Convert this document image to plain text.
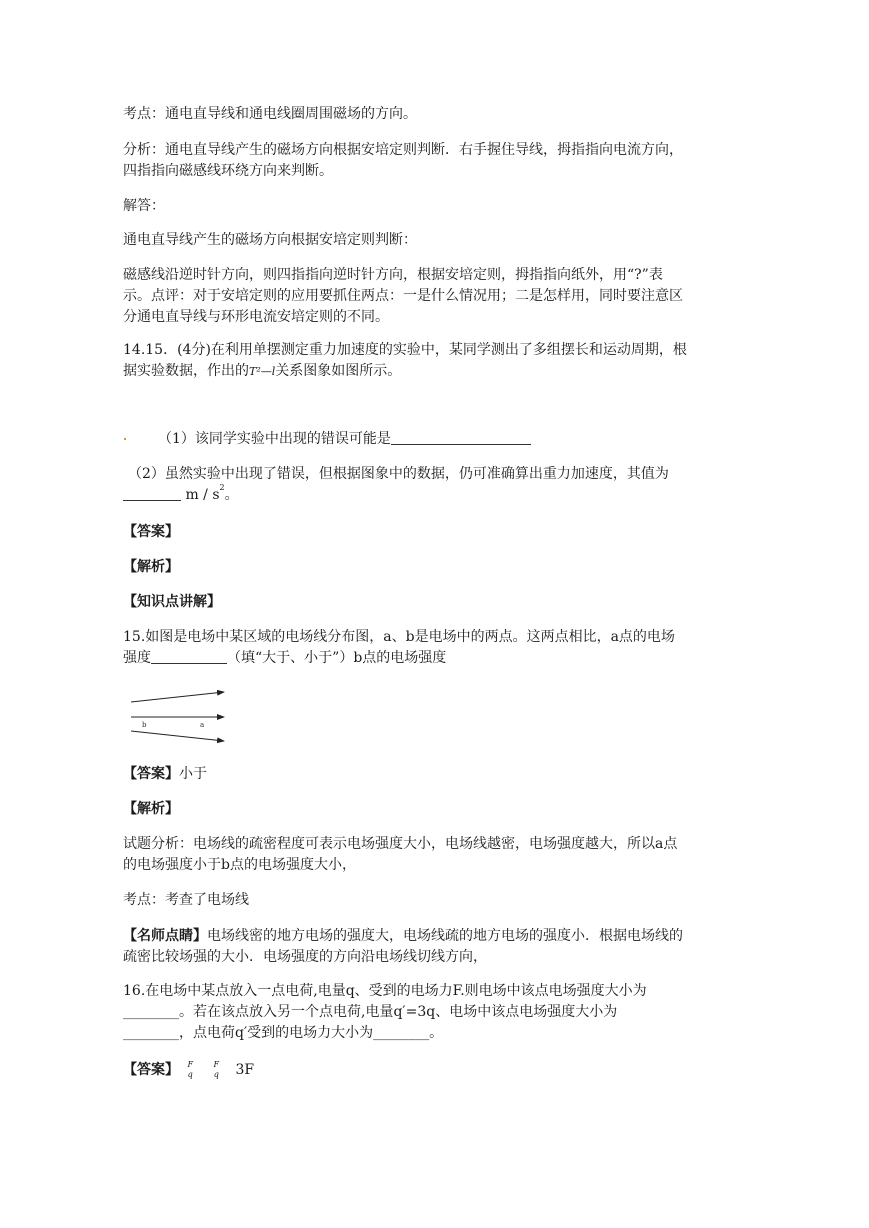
考点：通电直导线和通电线圈周围磁场的方向。
分析：通电直导线产生的磁场方向根据安培定则判断．右手握住导线，拇指指向电流方向，
四指指向磁感线环绕方向来判断。
解答：
通电直导线产生的磁场方向根据安培定则判断：
磁感线沿逆时针方向，则四指指向逆时针方向，根据安培定则，拇指指向纸外，用“?”表
示。点评：对于安培定则的应用要抓住两点：一是什么情况用；二是怎样用，同时要注意区
分通电直导线与环形电流安培定则的不同。
14.15．(4分)在利用单摆测定重力加速度的实验中，某同学测出了多组摆长和运动周期，根
据实验数据，作出的T²—l关系图象如图所示。
（1）该同学实验中出现的错误可能是
（2）虽然实验中出现了错误，但根据图象中的数据，仍可准确算出重力加速度，其值为
m / $s^2$。
【答案】
【解析】
【知识点讲解】
15.如图是电场中某区域的电场线分布图，a、b是电场中的两点。这两点相比，a点的电场
强度	（填“大于、小于”）b点的电场强度
b	a
【答案】小于
【解析】
试题分析：电场线的疏密程度可表示电场强度大小，电场线越密，电场强度越大，所以a点
的电场强度小于b点的电场强度大小，
考点：考查了电场线
【名师点睛】电场线密的地方电场的强度大，电场线疏的地方电场的强度小．根据电场线的
疏密比较场强的大小．电场强度的方向沿电场线切线方向，
16.在电场中某点放入一点电荷,电量q、受到的电场力F.则电场中该点电场强度大小为
________。若在该点放入另一个点电荷,电量q′=3q、电场中该点电场强度大小为
________，点电荷q′受到的电场力大小为________。
【答案】 F
q

F
q 3F
